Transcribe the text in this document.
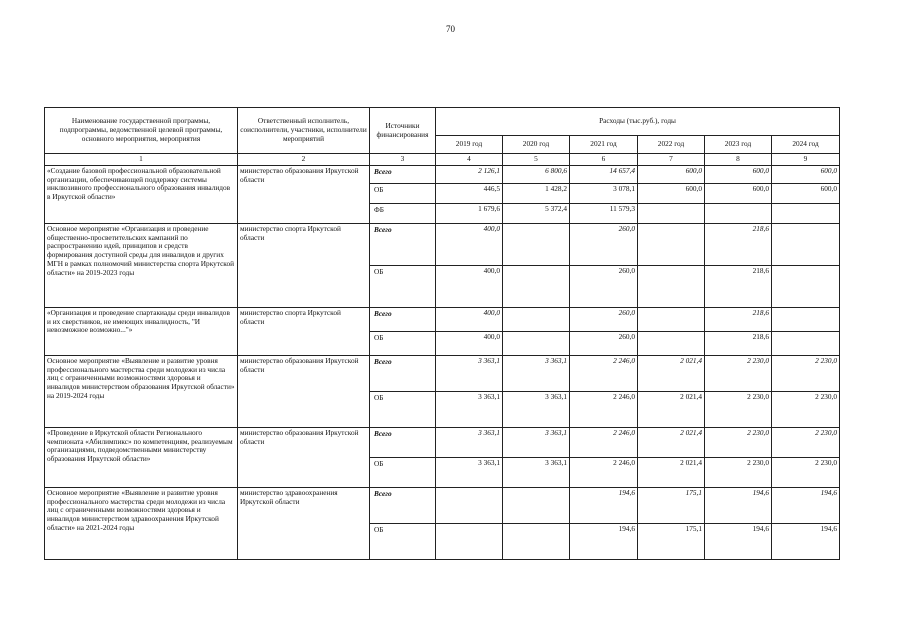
70
Наименование государственной программы, подпрограммы, ведомственной целевой программы, основного мероприятия, мероприятия	Ответственный исполнитель, соисполнители, участники, исполнители мероприятий	Источники финансирования	Расходы (тыс.руб.), годы					
			2019 год	2020 год	2021 год	2022 год	2023 год	2024 год
1	2	3	4	5	6	7	8	9
«Создание базовой профессиональной образовательной организации, обеспечивающей поддержку системы инклюзивного профессионального образования инвалидов в Иркутской области»	министерство образования Иркутской области	Всего	2 126,1	6 800,6	14 657,4	600,0	600,0	600,0

		ОБ	446,5	1 428,2	3 078,1	600,0	600,0	600,0

		ФБ	1 679,6	5 372,4	11 579,3			
Основное мероприятие «Организация и проведение общественно-просветительских кампаний по распространению идей, принципов и средств формирования доступной среды для инвалидов и других МГН в рамках полномочий министерства спорта Иркутской области» на 2019-2023 годы	министерство спорта Иркутской области	Всего	400,0		260,0		218,6	

		ОБ	400,0		260,0		218,6	
«Организация и проведение спартакиады среди инвалидов и их сверстников, не имеющих инвалидность, "И невозможное возможно..."»	министерство спорта Иркутской области	Всего	400,0		260,0		218,6	

		ОБ	400,0		260,0		218,6	
Основное мероприятие «Выявление и развитие уровня профессионального мастерства среди молодежи из числа лиц с ограниченными возможностями здоровья и инвалидов министерством образования Иркутской области» на 2019-2024 годы	министерство образования Иркутской области	Всего	3 363,1	3 363,1	2 246,0	2 021,4	2 230,0	2 230,0

		ОБ	3 363,1	3 363,1	2 246,0	2 021,4	2 230,0	2 230,0
«Проведение в Иркутской области Регионального чемпионата «Абилимпикс» по компетенциям, реализуемым организациями, подведомственными министерству образования Иркутской области»	министерство образования Иркутской области	Всего	3 363,1	3 363,1	2 246,0	2 021,4	2 230,0	2 230,0

		ОБ	3 363,1	3 363,1	2 246,0	2 021,4	2 230,0	2 230,0
Основное мероприятие «Выявление и развитие уровня профессионального мастерства среди молодежи из числа лиц с ограниченными возможностями здоровья и инвалидов министерством здравоохранения Иркутской области» на 2021-2024 годы	министерство здравоохранения Иркутской области	Всего			194,6	175,1	194,6	194,6

		ОБ			194,6	175,1	194,6	194,6
